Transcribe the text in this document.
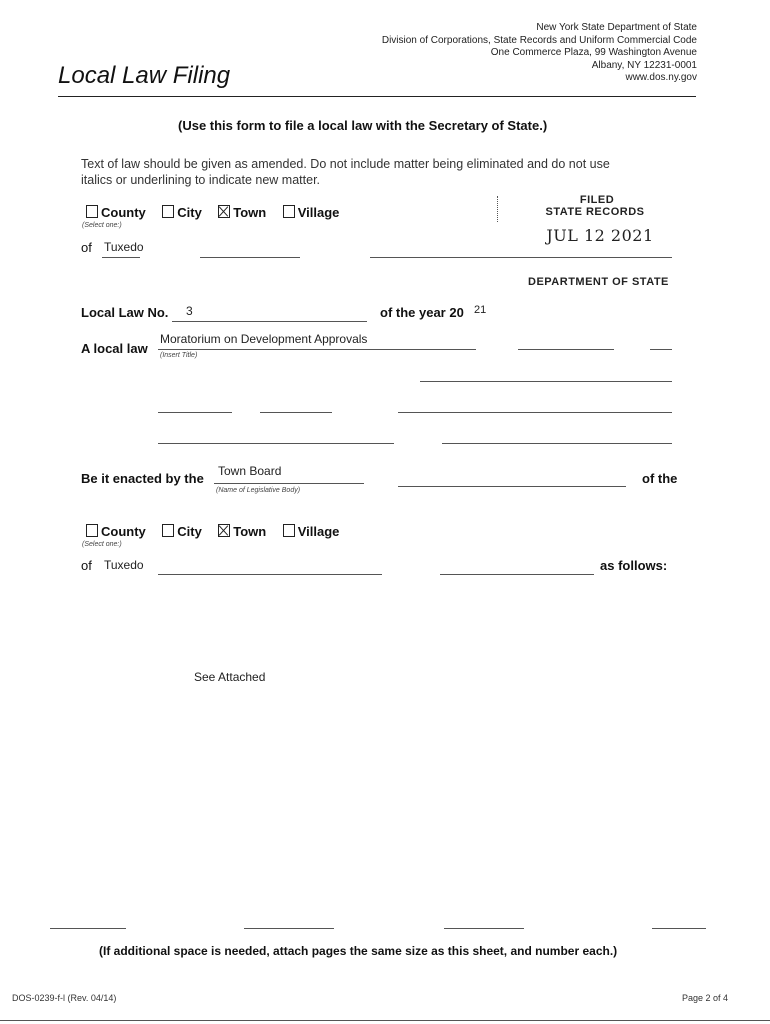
New York State Department of State
Division of Corporations, State Records and Uniform Commercial Code
One Commerce Plaza, 99 Washington Avenue
Albany, NY 12231-0001
www.dos.ny.gov
Local Law Filing
(Use this form to file a local law with the Secretary of State.)
Text of law should be given as amended. Do not include matter being eliminated and do not use
italics or underlining to indicate new matter.
County City Town Village
(Select one:)
of Tuxedo
FILED
STATE RECORDS
JUL 12 2021
DEPARTMENT OF STATE
Local Law No. 3	of the year 20 21
A local law
Moratorium on Development Approvals
(Insert Title)
Be it enacted by the Town Board
(Name of Legislative Body)
of the
County City Town Village
(Select one:)
of Tuxedo	as follows:
See Attached
(If additional space is needed, attach pages the same size as this sheet, and number each.)
DOS-0239-f-l (Rev. 04/14)	Page 2 of 4
